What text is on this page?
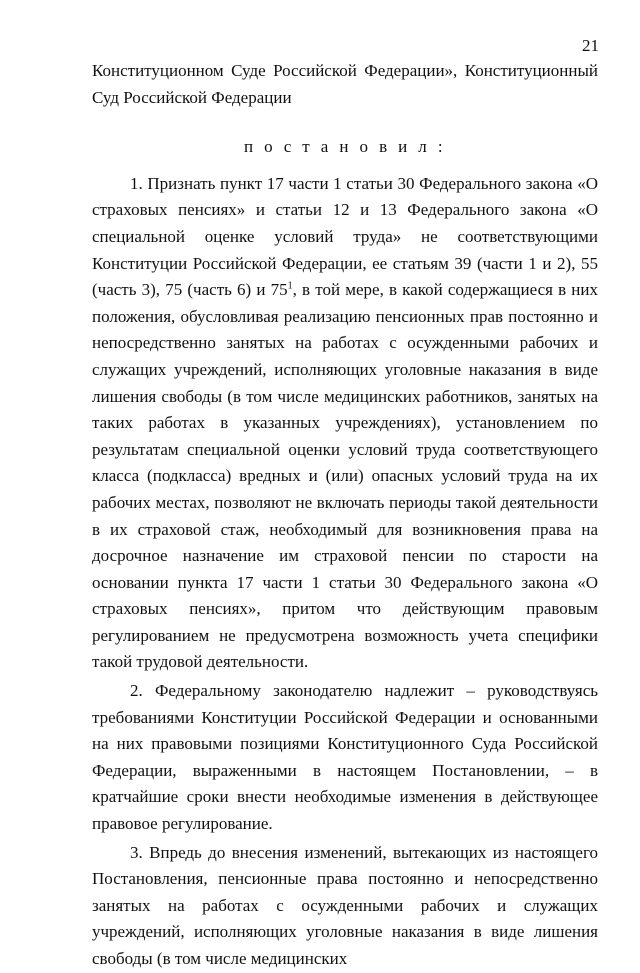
21

Конституционном Суде Российской Федерации», Конституционный Суд Российской Федерации

п о с т а н о в и л :

1. Признать пункт 17 части 1 статьи 30 Федерального закона «О страховых пенсиях» и статьи 12 и 13 Федерального закона «О специальной оценке условий труда» не соответствующими Конституции Российской Федерации, ее статьям 39 (части 1 и 2), 55 (часть 3), 75 (часть 6) и $75^1$, в той мере, в какой содержащиеся в них положения, обусловливая реализацию пенсионных прав постоянно и непосредственно занятых на работах с осужденными рабочих и служащих учреждений, исполняющих уголовные наказания в виде лишения свободы (в том числе медицинских работников, занятых на таких работах в указанных учреждениях), установлением по результатам специальной оценки условий труда соответствующего класса (подкласса) вредных и (или) опасных условий труда на их рабочих местах, позволяют не включать периоды такой деятельности в их страховой стаж, необходимый для возникновения права на досрочное назначение им страховой пенсии по старости на основании пункта 17 части 1 статьи 30 Федерального закона «О страховых пенсиях», притом что действующим правовым регулированием не предусмотрена возможность учета специфики такой трудовой деятельности.

2. Федеральному законодателю надлежит – руководствуясь требованиями Конституции Российской Федерации и основанными на них правовыми позициями Конституционного Суда Российской Федерации, выраженными в настоящем Постановлении, – в кратчайшие сроки внести необходимые изменения в действующее правовое регулирование.

3. Впредь до внесения изменений, вытекающих из настоящего Постановления, пенсионные права постоянно и непосредственно занятых на работах с осужденными рабочих и служащих учреждений, исполняющих уголовные наказания в виде лишения свободы (в том числе медицинских
